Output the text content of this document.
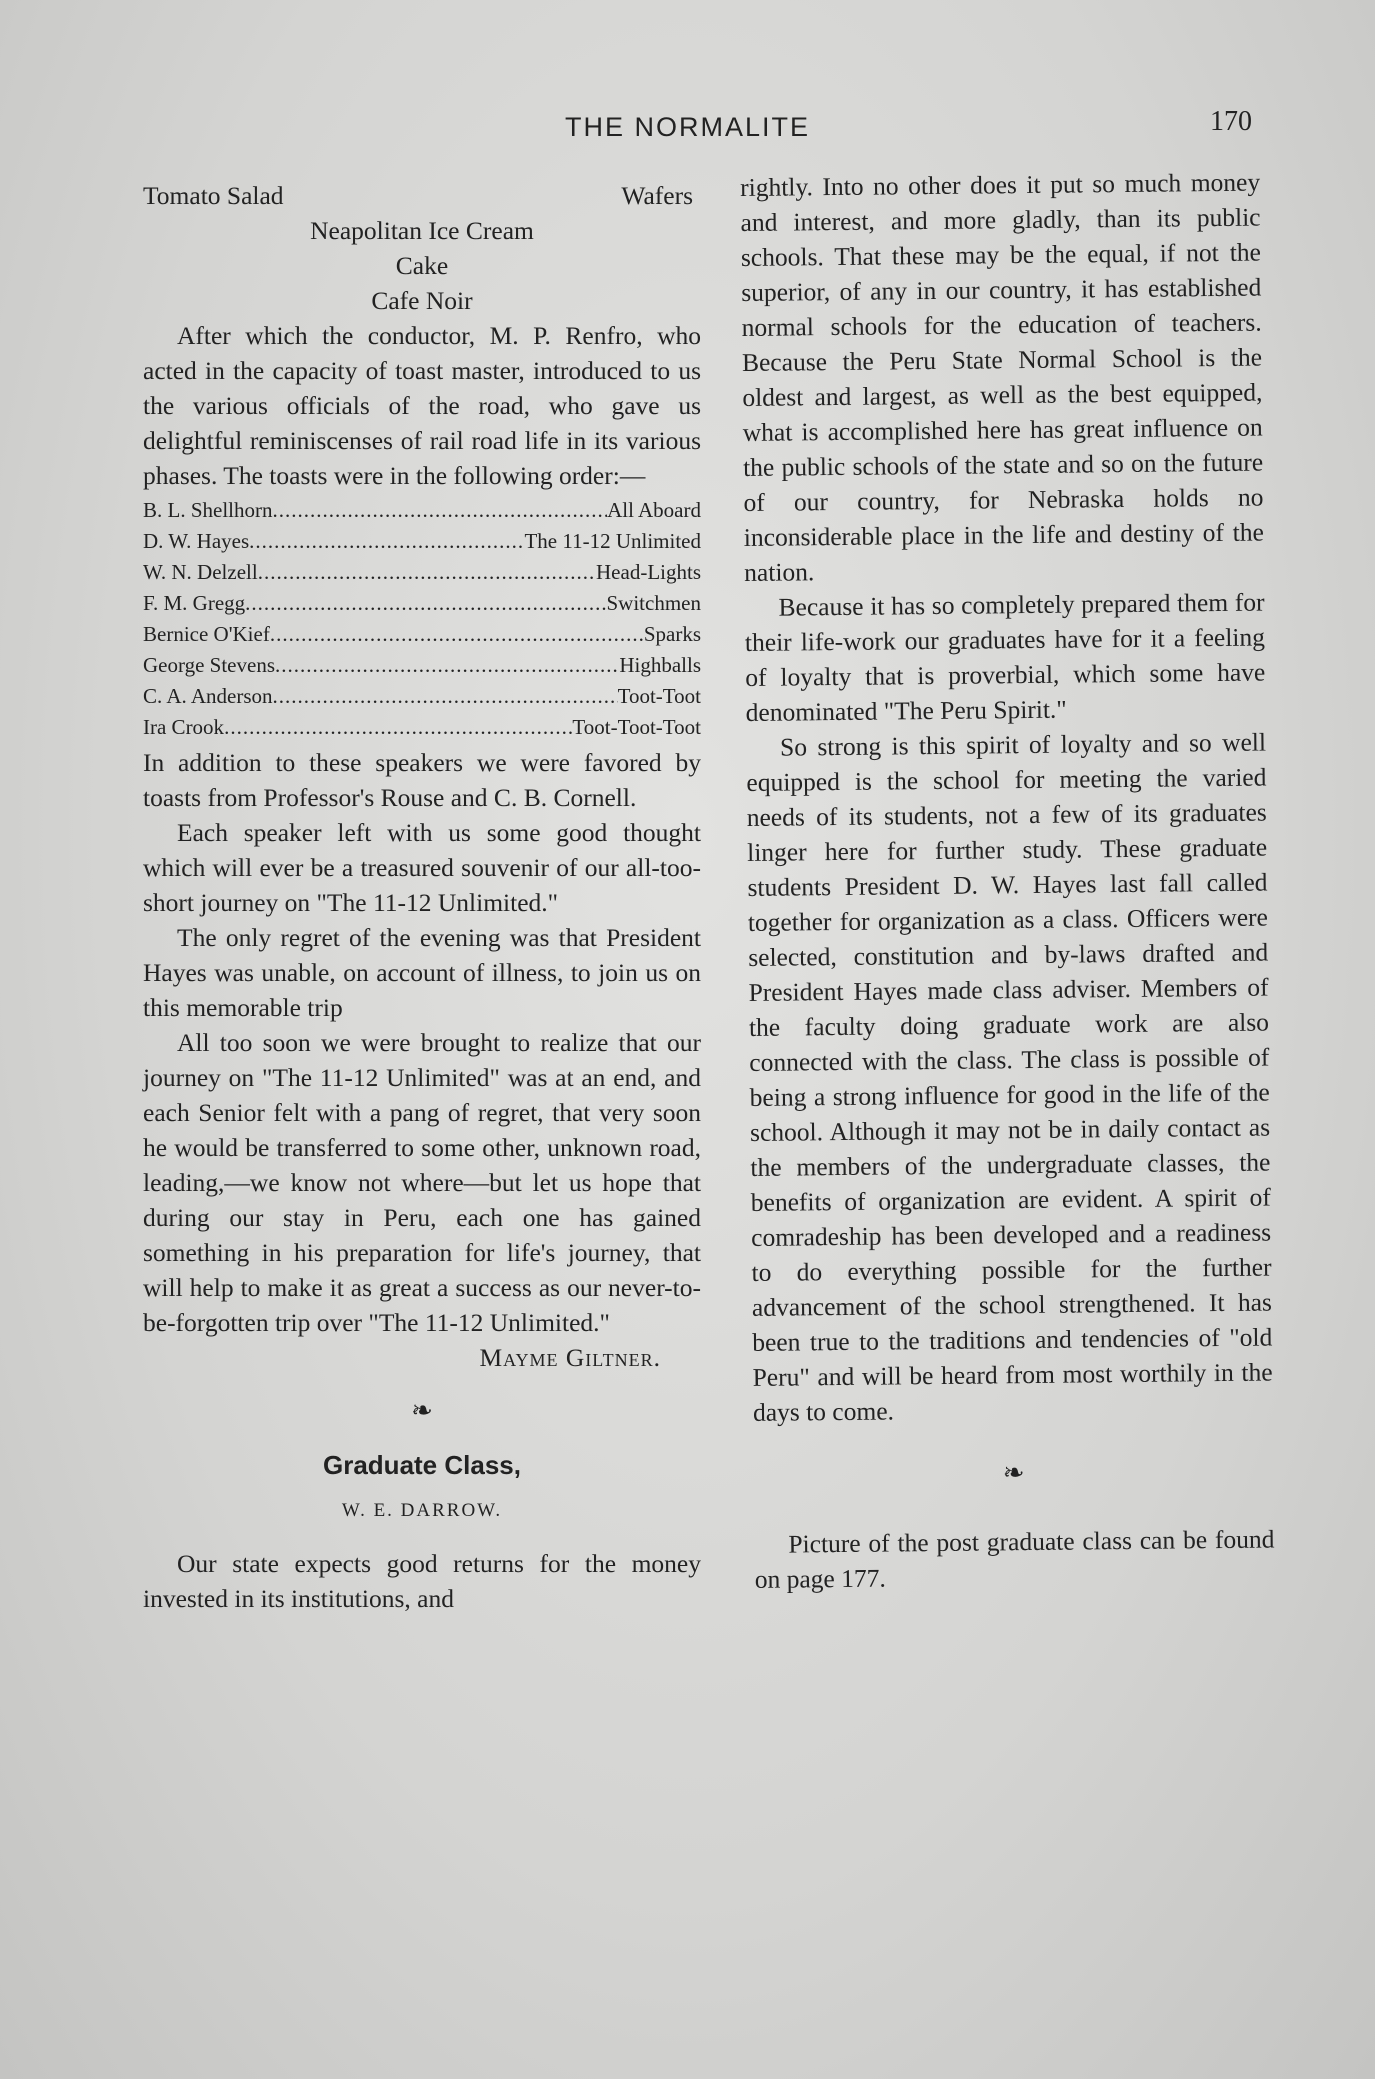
THE NORMALITE	170
Tomato Salad	Wafers
Neapolitan Ice Cream
Cake
Cafe Noir

After which the conductor, M. P. Renfro, who acted in the capacity of toast master, introduced to us the various officials of the road, who gave us delightful reminiscenses of rail road life in its various phases. The toasts were in the following order:—

B. L. Shellhorn .....	All Aboard
D. W. Hayes .....	The 11-12 Unlimited
W. N. Delzell .....	Head-Lights
F. M. Gregg .....	Switchmen
Bernice O'Kief .....	Sparks
George Stevens .....	Highballs
C. A. Anderson .....	Toot-Toot
Ira Crook .....	Toot-Toot-Toot

In addition to these speakers we were favored by toasts from Professor's Rouse and C. B. Cornell.

Each speaker left with us some good thought which will ever be a treasured souvenir of our all-too-short journey on "The 11-12 Unlimited."

The only regret of the evening was that President Hayes was unable, on account of illness, to join us on this memorable trip

All too soon we were brought to realize that our journey on "The 11-12 Unlimited" was at an end, and each Senior felt with a pang of regret, that very soon he would be transferred to some other, unknown road, leading,—we know not where—but let us hope that during our stay in Peru, each one has gained something in his preparation for life's journey, that will help to make it as great a success as our never-to-be-forgotten trip over "The 11-12 Unlimited."

Mayme Giltner.
❧
Graduate Class,
W. E. DARROW.

Our state expects good returns for the money invested in its institutions, and

rightly. Into no other does it put so much money and interest, and more gladly, than its public schools. That these may be the equal, if not the superior, of any in our country, it has established normal schools for the education of teachers. Because the Peru State Normal School is the oldest and largest, as well as the best equipped, what is accomplished here has great influence on the public schools of the state and so on the future of our country, for Nebraska holds no inconsiderable place in the life and destiny of the nation.

Because it has so completely prepared them for their life-work our graduates have for it a feeling of loyalty that is proverbial, which some have denominated "The Peru Spirit."

So strong is this spirit of loyalty and so well equipped is the school for meeting the varied needs of its students, not a few of its graduates linger here for further study. These graduate students President D. W. Hayes last fall called together for organization as a class. Officers were selected, constitution and by-laws drafted and President Hayes made class adviser. Members of the faculty doing graduate work are also connected with the class. The class is possible of being a strong influence for good in the life of the school. Although it may not be in daily contact as the members of the undergraduate classes, the benefits of organization are evident. A spirit of comradeship has been developed and a readiness to do everything possible for the further advancement of the school strengthened. It has been true to the traditions and tendencies of "old Peru" and will be heard from most worthily in the days to come.

❧

Picture of the post graduate class can be found on page 177.
